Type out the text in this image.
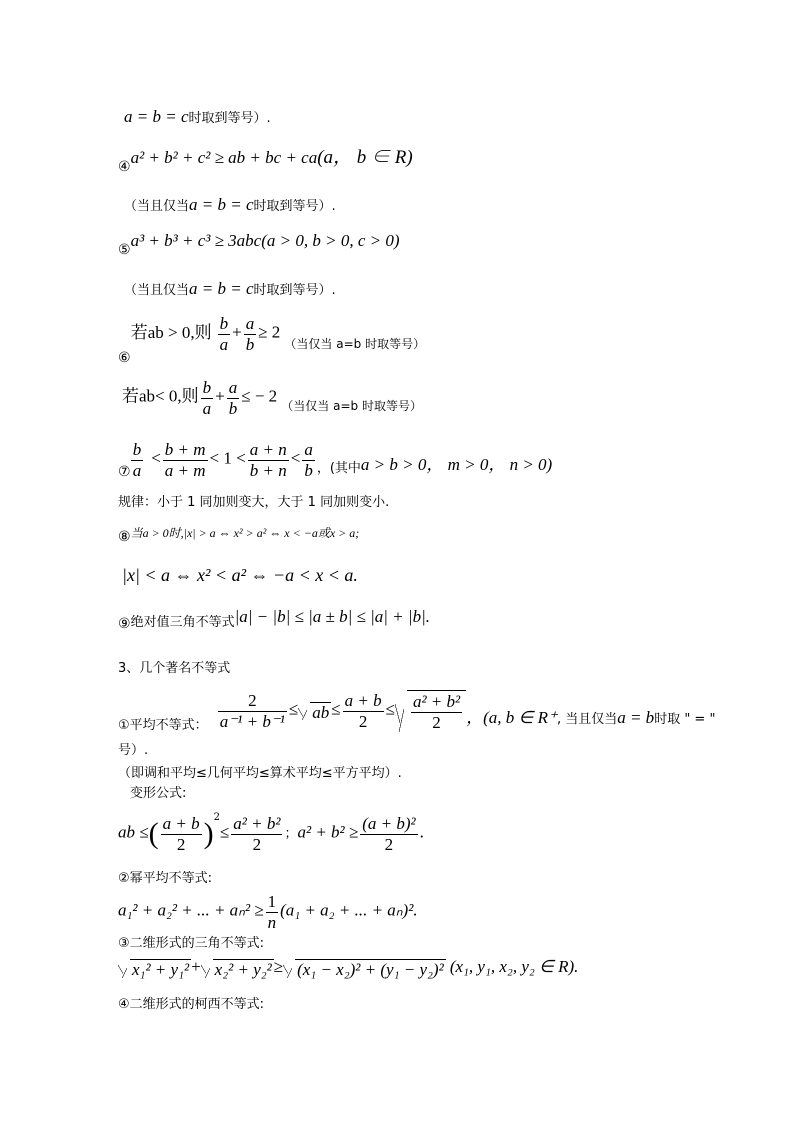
a = b = c时取到等号）.
④a² + b² + c² ≥ ab + bc + ca(a， b ∈ R)
（当且仅当a = b = c时取到等号）.
⑤a³ + b³ + c³ ≥ 3abc(a > 0, b > 0, c > 0)
（当且仅当a = b = c时取到等号）.
⑥ 若ab > 0,则 $\frac{b}{a} + \frac{a}{b} \ge 2$ （当仅当 a=b 时取等号）
若ab< 0,则 $\frac{b}{a} + \frac{a}{b}$ ≤ − 2 （当仅当 a=b 时取等号）
⑦ $\frac{b}{a} < \frac{b + m}{a + m} < 1 < \frac{a + n}{b + n} < \frac{a}{b}$ ，(其中a > b > 0， m > 0， n > 0)
规律：小于 1 同加则变大，大于 1 同加则变小.
⑧当a > 0时,|x| > a ⇔ x² > a² ⇔ x < −a或x > a;
|x| < a ⇔ x² < a² ⇔ −a < x < a.
⑨绝对值三角不等式|a| − |b| ≤ |a ± b| ≤ |a| + |b|.
3、几个著名不等式
①平均不等式： $\frac{2}{\text{a⁻¹ + b⁻¹}}$ ≤ ab ≤ $\frac{a + b}{2} \le \frac{\text{a² + b²}}{2}$ ，(a, b ∈ R⁺, 当且仅当a = b时取 " = "
号）.
（即调和平均≤几何平均≤算术平均≤平方平均）.
变形公式:
ab ≤( $\frac{a + b}{2} )^2\le \frac{\text{a² + b²}}{2}$ ；$a^2 + b^2 \ge \frac{\text{(a + b)²}}{2}$ .
②幂平均不等式:
a₁² + a₂² + ... + $a_n^2 \ge \frac{1}{n} (a_1 + a_2$ + ... + aₙ)².
③二维形式的三角不等式:
x₁² + y₁² + x₂² + y₂² ≥ (x₁ − x₂)² + (y₁ − y₂)² (x₁, y₁, x₂, y₂ ∈ R).
④二维形式的柯西不等式:
